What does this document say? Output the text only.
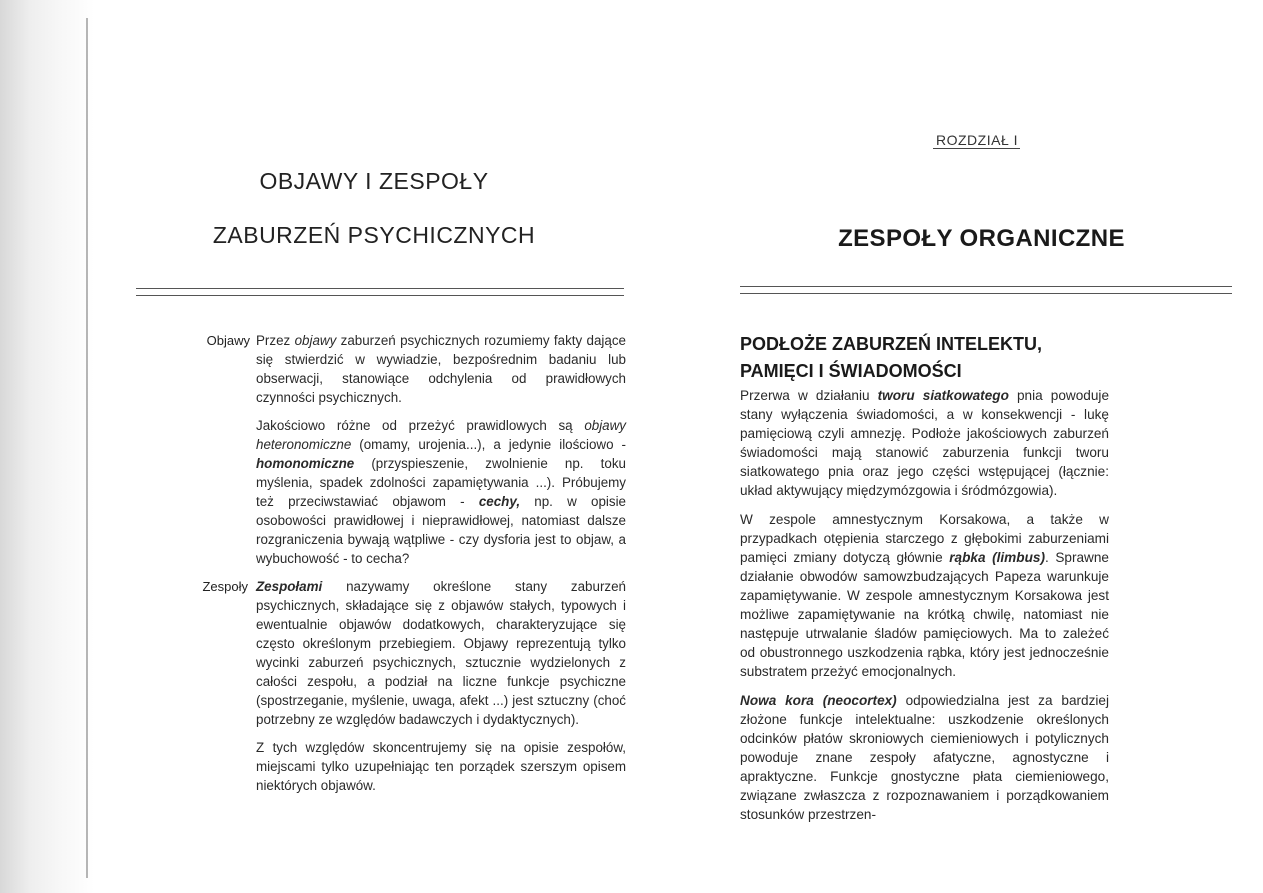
OBJAWY I ZESPOŁY
ZABURZEŃ PSYCHICZNYCH
Objawy Przez objawy zaburzeń psychicznych rozumiemy fakty dające się stwierdzić w wywiadzie, bezpośrednim badaniu lub obserwacji, stanowiące odchylenia od prawidłowych czynności psychicznych.

Jakościowo różne od przeżyć prawidlowych są objawy heteronomiczne (omamy, urojenia...), a jedynie ilościowo - homonomiczne (przyspieszenie, zwolnienie np. toku myślenia, spadek zdolności zapamiętywania ...). Próbujemy też przeciwstawiać objawom - cechy, np. w opisie osobowości prawidłowej i nieprawidłowej, natomiast dalsze rozgraniczenia bywają wątpliwe - czy dysforia jest to objaw, a wybuchowość - to cecha?

Zespoły Zespołami nazywamy określone stany zaburzeń psychicznych, składające się z objawów stałych, typowych i ewentualnie objawów dodatkowych, charakteryzujące się często określonym przebiegiem. Objawy reprezentują tylko wycinki zaburzeń psychicznych, sztucznie wydzielonych z całości zespołu, a podział na liczne funkcje psychiczne (spostrzeganie, myślenie, uwaga, afekt ...) jest sztuczny (choć potrzebny ze względów badawczych i dydaktycznych).

Z tych względów skoncentrujemy się na opisie zespołów, miejscami tylko uzupełniając ten porządek szerszym opisem niektórych objawów.

ROZDZIAŁ I
ZESPOŁY ORGANICZNE
PODŁOŻE ZABURZEŃ INTELEKTU,
PAMIĘCI I ŚWIADOMOŚCI

Przerwa w działaniu tworu siatkowatego pnia powoduje stany wyłączenia świadomości, a w konsekwencji - lukę pamięciową czyli amnezję. Podłoże jakościowych zaburzeń świadomości mają stanowić zaburzenia funkcji tworu siatkowatego pnia oraz jego części wstępującej (łącznie: układ aktywujący międzymózgowia i śródmózgowia).

W zespole amnestycznym Korsakowa, a także w przypadkach otępienia starczego z głębokimi zaburzeniami pamięci zmiany dotyczą głównie rąbka (limbus). Sprawne działanie obwodów samowzbudzających Papeza warunkuje zapamiętywanie. W zespole amnestycznym Korsakowa jest możliwe zapamiętywanie na krótką chwilę, natomiast nie następuje utrwalanie śladów pamięciowych. Ma to zależeć od obustronnego uszkodzenia rąbka, który jest jednocześnie substratem przeżyć emocjonalnych.

Nowa kora (neocortex) odpowiedzialna jest za bardziej złożone funkcje intelektualne: uszkodzenie określonych odcinków płatów skroniowych ciemieniowych i potylicznych powoduje znane zespoły afatyczne, agnostyczne i apraktyczne. Funkcje gnostyczne płata ciemieniowego, związane zwłaszcza z rozpoznawaniem i porządkowaniem stosunków przestrzen-
